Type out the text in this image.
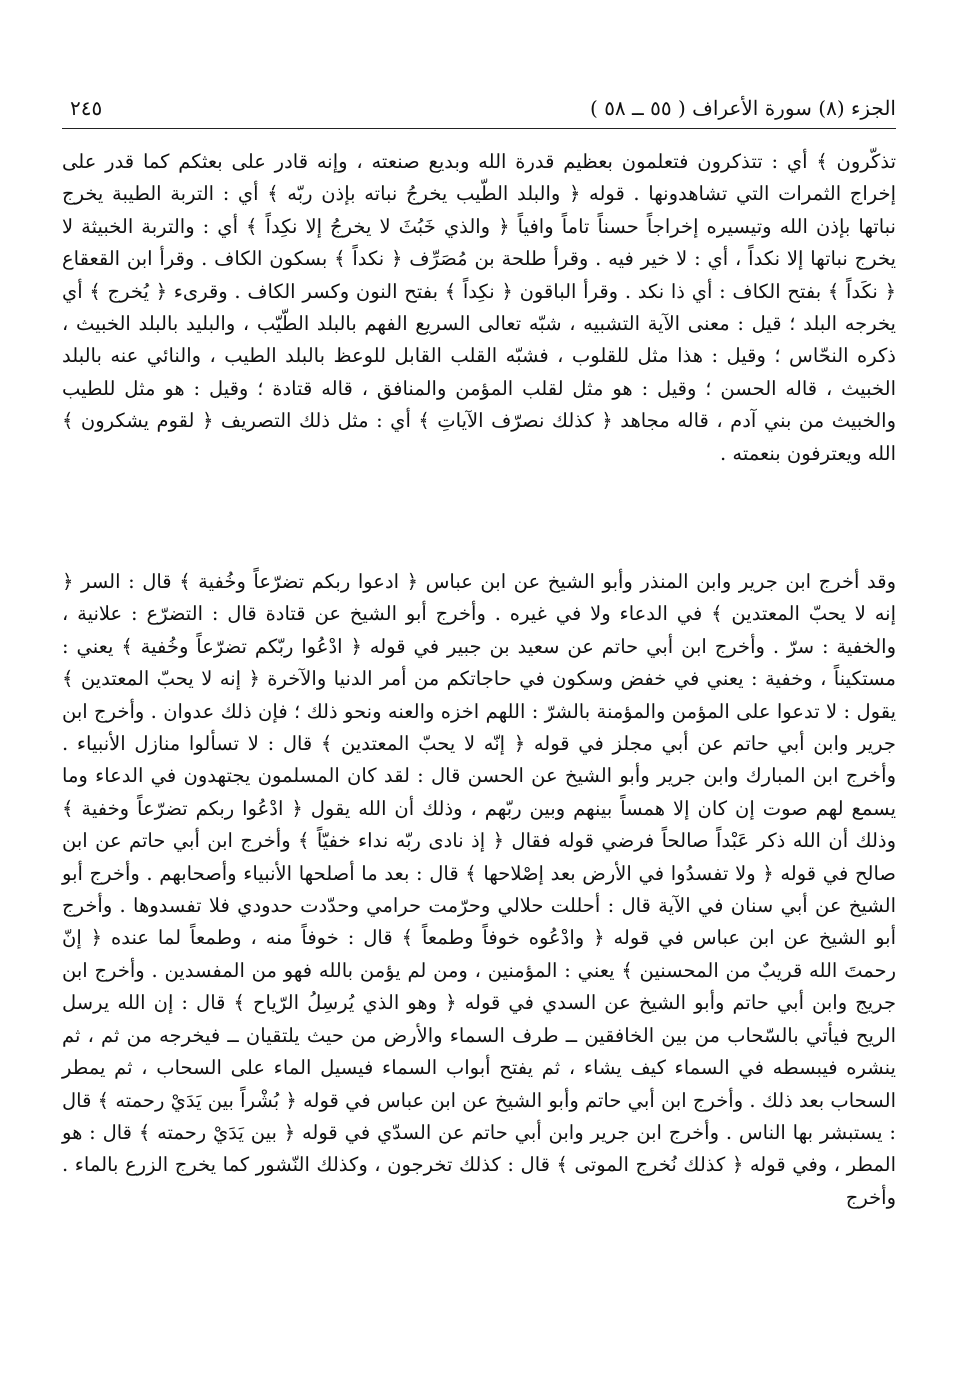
الجزء (٨) سورة الأعراف ( ٥٥ ــ ٥٨ )
٢٤٥

تذكّرون ﴾ أي : تتذكرون فتعلمون بعظيم قدرة الله وبديع صنعته ، وإنه قادر على بعثكم كما قدر على إخراج الثمرات التي تشاهدونها . قوله ﴿ والبلد الطّيب يخرجُ نباته بإذن ربّه ﴾ أي : التربة الطيبة يخرج نباتها بإذن الله وتيسيره إخراجاً حسناً تاماً وافياً ﴿ والذي خَبُثَ لا يخرجُ إلا نكِداً ﴾ أي : والتربة الخبيثة لا يخرج نباتها إلا نكداً ، أي : لا خير فيه . وقرأ طلحة بن مُصَرِّف ﴿ نكداً ﴾ بسكون الكاف . وقرأ ابن القعقاع ﴿ نكَداً ﴾ بفتح الكاف : أي ذا نكد . وقرأ الباقون ﴿ نكِداً ﴾ بفتح النون وكسر الكاف . وقرىء ﴿ يُخرج ﴾ أي يخرجه البلد ؛ قيل : معنى الآية التشبيه ، شبّه تعالى السريع الفهم بالبلد الطّيّب ، والبليد بالبلد الخبيث ، ذكره النحّاس ؛ وقيل : هذا مثل للقلوب ، فشبّه القلب القابل للوعظ بالبلد الطيب ، والنائي عنه بالبلد الخبيث ، قاله الحسن ؛ وقيل : هو مثل لقلب المؤمن والمنافق ، قاله قتادة ؛ وقيل : هو مثل للطيب والخبيث من بني آدم ، قاله مجاهد ﴿ كذلك نصرّف الآياتِ ﴾ أي : مثل ذلك التصريف ﴿ لقوم يشكرون ﴾ الله ويعترفون بنعمته .

وقد أخرج ابن جرير وابن المنذر وأبو الشيخ عن ابن عباس ﴿ ادعوا ربكم تضرّعاً وخُفية ﴾ قال : السر ﴿ إنه لا يحبّ المعتدين ﴾ في الدعاء ولا في غيره . وأخرج أبو الشيخ عن قتادة قال : التضرّع : علانية ، والخفية : سرّ . وأخرج ابن أبي حاتم عن سعيد بن جبير في قوله ﴿ ادْعُوا ربّكم تضرّعاً وخُفية ﴾ يعني : مستكيناً ، وخفية : يعني في خفض وسكون في حاجاتكم من أمر الدنيا والآخرة ﴿ إنه لا يحبّ المعتدين ﴾ يقول : لا تدعوا على المؤمن والمؤمنة بالشرّ : اللهم اخزه والعنه ونحو ذلك ؛ فإن ذلك عدوان . وأخرج ابن جرير وابن أبي حاتم عن أبي مجلز في قوله ﴿ إنّه لا يحبّ المعتدين ﴾ قال : لا تسألوا منازل الأنبياء . وأخرج ابن المبارك وابن جرير وأبو الشيخ عن الحسن قال : لقد كان المسلمون يجتهدون في الدعاء وما يسمع لهم صوت إن كان إلا همساً بينهم وبين ربّهم ، وذلك أن الله يقول ﴿ ادْعُوا ربكم تضرّعاً وخفية ﴾ وذلك أن الله ذكر عَبْداً صالحاً فرضي قوله فقال ﴿ إذ نادى ربّه نداء خفيّاً ﴾ وأخرج ابن أبي حاتم عن ابن صالح في قوله ﴿ ولا تفسدُوا في الأرض بعد إصْلاحها ﴾ قال : بعد ما أصلحها الأنبياء وأصحابهم . وأخرج أبو الشيخ عن أبي سنان في الآية قال : أحللت حلالي وحرّمت حرامي وحدّدت حدودي فلا تفسدوها . وأخرج أبو الشيخ عن ابن عباس في قوله ﴿ وادْعُوه خوفاً وطمعاً ﴾ قال : خوفاً منه ، وطمعاً لما عنده ﴿ إنّ رحمتَ الله قريبٌ من المحسنين ﴾ يعني : المؤمنين ، ومن لم يؤمن بالله فهو من المفسدين . وأخرج ابن جريج وابن أبي حاتم وأبو الشيخ عن السدي في قوله ﴿ وهو الذي يُرسِلُ الرّياح ﴾ قال : إن الله يرسل الريح فيأتي بالسّحاب من بين الخافقين ــ طرف السماء والأرض من حيث يلتقيان ــ فيخرجه من ثم ، ثم ينشره فيبسطه في السماء كيف يشاء ، ثم يفتح أبواب السماء فيسيل الماء على السحاب ، ثم يمطر السحاب بعد ذلك . وأخرج ابن أبي حاتم وأبو الشيخ عن ابن عباس في قوله ﴿ بُشْراً بين يَدَيْ رحمته ﴾ قال : يستبشر بها الناس . وأخرج ابن جرير وابن أبي حاتم عن السدّي في قوله ﴿ بين يَدَيْ رحمته ﴾ قال : هو المطر ، وفي قوله ﴿ كذلك نُخرج الموتى ﴾ قال : كذلك تخرجون ، وكذلك النّشور كما يخرج الزرع بالماء . وأخرج
